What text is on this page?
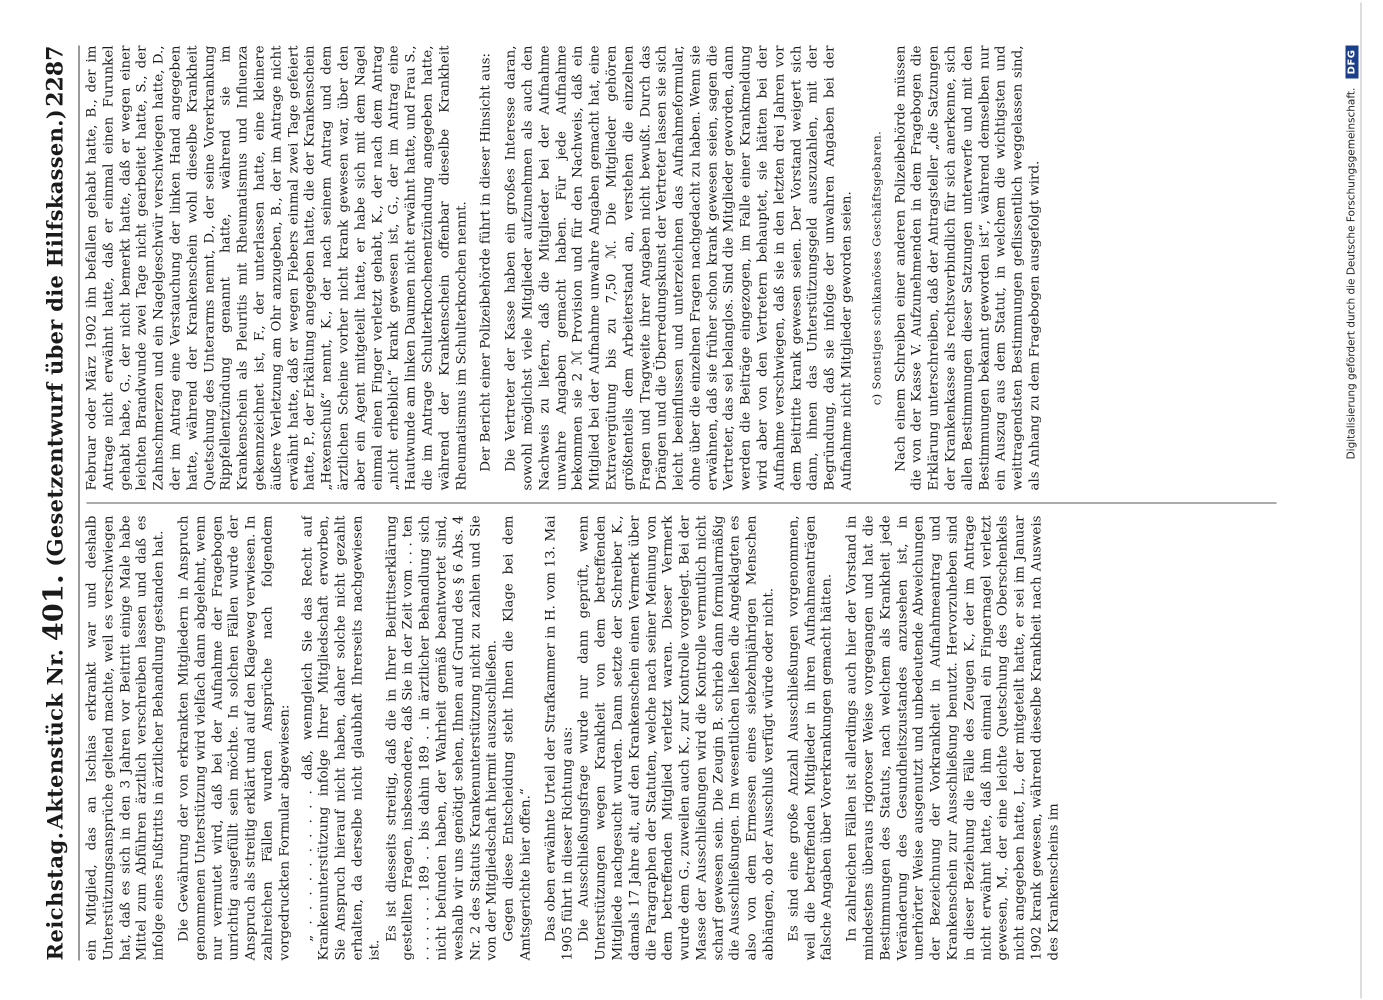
Reichstag.
Aktenstück Nr. 401. (Gesetzentwurf über die Hilfskassen.)
2287

ein Mitglied, das an Ischias erkrankt war und deshalb Unterstützungsansprüche geltend machte, weil es verschwiegen hat, daß es sich in den 3 Jahren vor Beitritt einige Male habe Mittel zum Abführen ärztlich verschreiben lassen und daß es infolge eines Fußtritts in ärztlicher Behandlung gestanden hat. Die Gewährung der von erkrankten Mitgliedern in Anspruch genommenen Unterstützung wird vielfach dann abgelehnt, wenn nur vermutet wird, daß bei der Aufnahme der Fragebogen unrichtig ausgefüllt sein möchte. In solchen Fällen wurde der Anspruch als streitig erklärt und auf den Klageweg verwiesen. In zahlreichen Fällen wurden Ansprüche nach folgendem vorgedruckten Formular abgewiesen: „ . . . . . . . . . . daß, wenngleich Sie das Recht auf Krankenunterstützung infolge Ihrer Mitgliedschaft erworben, Sie Anspruch hierauf nicht haben, daher solche nicht gezahlt erhalten, da derselbe nicht glaubhaft Ihrerseits nachgewiesen ist.

Es ist diesseits streitig, daß die in Ihrer Beitrittserklärung gestellten Fragen, insbesondere, daß Sie in der Zeit vom . . . ten . . . . . . . 189 . . bis dahin 189 . . in ärztlicher Behandlung sich nicht befunden haben, der Wahrheit gemäß beantwortet sind, weshalb wir uns genötigt sehen, Ihnen auf Grund des § 6 Abs. 4 Nr. 2 des Statuts Krankenunterstützung nicht zu zahlen und Sie von der Mitgliedschaft hiermit auszuschließen. Gegen diese Entscheidung steht Ihnen die Klage bei dem Amtsgerichte hier offen.“ Das oben erwähnte Urteil der Strafkammer in H. vom 13. Mai 1905 führt in dieser Richtung aus: Die Ausschließungsfrage wurde nur dann geprüft, wenn Unterstützungen wegen Krankheit von dem betreffenden Mitgliede nachgesucht wurden. Dann setzte der Schreiber K., damals 17 Jahre alt, auf den Krankenschein einen Vermerk über die Paragraphen der Statuten, welche nach seiner Meinung von dem betreffenden Mitglied verletzt waren. Dieser Vermerk wurde dem G., zuweilen auch K., zur Kontrolle vorgelegt. Bei der Masse der Ausschließungen wird die Kontrolle vermutlich nicht scharf gewesen sein. Die Zeugin B. schrieb dann formularmäßig die Ausschließungen. Im wesentlichen ließen die Angeklagten es also von dem Ermessen eines siebzehnjährigen Menschen abhängen, ob der Ausschluß verfügt würde oder nicht. Es sind eine große Anzahl Ausschließungen vorgenommen, weil die betreffenden Mitglieder in ihren Aufnahmeanträgen falsche Angaben über Vorerkrankungen gemacht hätten. In zahlreichen Fällen ist allerdings auch hier der Vorstand in mindestens überaus rigoroser Weise vorgegangen und hat die Bestimmungen des Statuts, nach welchem als Krankheit jede Veränderung des Gesundheitszustandes anzusehen ist, in unerhörter Weise ausgenutzt und unbedeutende Abweichungen der Bezeichnung der Vorkrankheit in Aufnahmeantrag und Krankenschein zur Ausschließung benutzt. Hervorzuheben sind in dieser Beziehung die Fälle des Zeugen K., der im Antrage nicht erwähnt hatte, daß ihm einmal ein Fingernagel verletzt gewesen, M., der eine leichte Quetschung des Oberschenkels nicht angegeben hatte, L., der mitgeteilt hatte, er sei im Januar 1902 krank gewesen, während dieselbe Krankheit nach Ausweis des Krankenscheins im

Februar oder März 1902 ihn befallen gehabt hatte, B., der im Antrage nicht erwähnt hatte, daß er einmal einen Furunkel gehabt habe, G., der nicht bemerkt hatte, daß er wegen einer leichten Brandwunde zwei Tage nicht gearbeitet hatte, S., der Zahnschmerzen und ein Nagelgeschwür verschwiegen hatte, D., der im Antrag eine Verstauchung der linken Hand angegeben hatte, während der Krankenschein wohl dieselbe Krankheit Quetschung des Unterarms nennt, D., der seine Vorerkrankung Rippfellentzündung genannt hatte, während sie im Krankenschein als Pleuritis mit Rheumatismus und Influenza gekennzeichnet ist, F., der unterlassen hatte, eine kleinere äußere Verletzung am Ohr anzugeben, B., der im Antrage nicht erwähnt hatte, daß er wegen Fiebers einmal zwei Tage gefeiert hatte, P., der Erkältung angegeben hatte, die der Krankenschein „Hexenschuß“ nennt, K., der nach seinem Antrag und dem ärztlichen Scheine vorher nicht krank gewesen war, über den aber ein Agent mitgeteilt hatte, er habe sich mit dem Nagel einmal einen Finger verletzt gehabt, K., der nach dem Antrag „nicht erheblich“ krank gewesen ist, G., der im Antrag eine Hautwunde am linken Daumen nicht erwähnt hatte, und Frau S., die im Antrage Schulterknochenentzündung angegeben hatte, während der Krankenschein offenbar dieselbe Krankheit Rheumatismus im Schulterknochen nennt. Der Bericht einer Polizeibehörde führt in dieser Hinsicht aus: Die Vertreter der Kasse haben ein großes Interesse daran, sowohl möglichst viele Mitglieder aufzunehmen als auch den Nachweis zu liefern, daß die Mitglieder bei der Aufnahme unwahre Angaben gemacht haben. Für jede Aufnahme bekommen sie 2 ℳ Provision und für den Nachweis, daß ein Mitglied bei der Aufnahme unwahre Angaben gemacht hat, eine Extravergütung bis zu 7,50 ℳ. Die Mitglieder gehören größtenteils dem Arbeiterstand an, verstehen die einzelnen Fragen und Tragweite ihrer Angaben nicht bewußt. Durch das Drängen und die Überredungskunst der Vertreter lassen sie sich leicht beeinflussen und unterzeichnen das Aufnahmeformular, ohne über die einzelnen Fragen nachgedacht zu haben. Wenn sie erwähnen, daß sie früher schon krank gewesen seien, sagen die Vertreter, das sei belanglos. Sind die Mitglieder geworden, dann werden die Beiträge eingezogen, im Falle einer Krankmeldung wird aber von den Vertretern behauptet, sie hätten bei der Aufnahme verschwiegen, daß sie in den letzten drei Jahren vor dem Beitritte krank gewesen seien. Der Vorstand weigert sich dann, ihnen das Unterstützungsgeld auszuzahlen, mit der Begründung, daß sie infolge der unwahren Angaben bei der Aufnahme nicht Mitglieder geworden seien. c) Sonstiges schikanöses Geschäftsgebaren. Nach einem Schreiben einer anderen Polizeibehörde müssen die von der Kasse V. Aufzunehmenden in dem Fragebogen die Erklärung unterschreiben, daß der Antragsteller „die Satzungen der Krankenkasse als rechtsverbindlich für sich anerkenne, sich allen Bestimmungen dieser Satzungen unterwerfe und mit den Bestimmungen bekannt geworden ist“, während demselben nur ein Auszug aus dem Statut, in welchem die wichtigsten und weittragendsten Bestimmungen geflissentlich weggelassen sind, als Anhang zu dem Fragebogen ausgefolgt wird.	Digitalisierung gefördert durch die Deutsche Forschungsgemeinschaft. DFG
